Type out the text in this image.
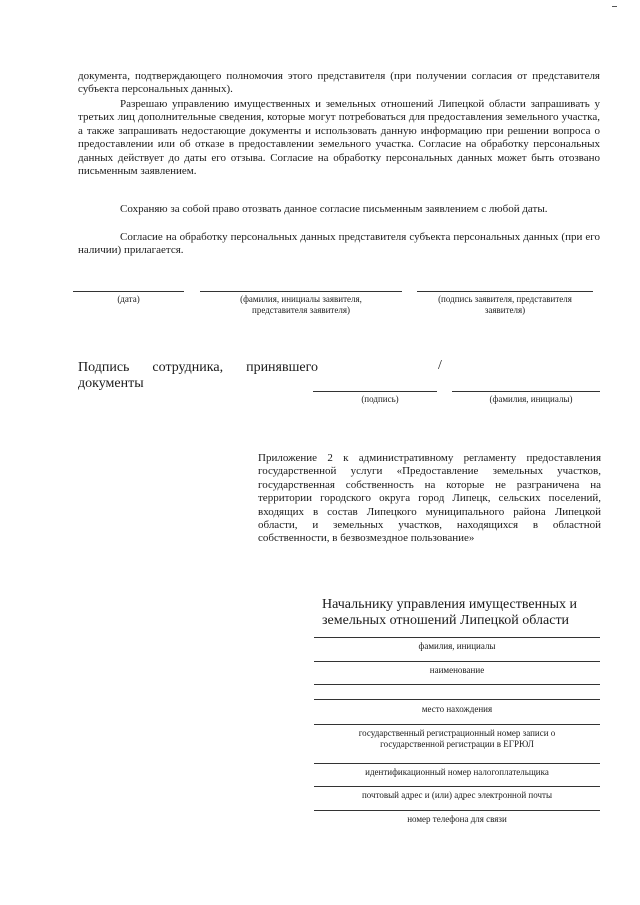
документа, подтверждающего полномочия этого представителя (при получении согласия от представителя субъекта персональных данных).

Разрешаю управлению имущественных и земельных отношений Липецкой области запрашивать у третьих лиц дополнительные сведения, которые могут потребоваться для предоставления земельного участка, а также запрашивать недостающие документы и использовать данную информацию при решении вопроса о предоставлении или об отказе в предоставлении земельного участка. Согласие на обработку персональных данных действует до даты его отзыва. Согласие на обработку персональных данных может быть отозвано письменным заявлением.

Сохраняю за собой право отозвать данное согласие письменным заявлением с любой даты.

Согласие на обработку персональных данных представителя субъекта персональных данных (при его наличии) прилагается.

(дата)	(фамилия, инициалы заявителя, представителя заявителя)
(подпись заявителя, представителя заявителя)
Подпись сотрудника, принявшего документы
/
(подпись)	(фамилия, инициалы)

Приложение 2 к административному регламенту предоставления государственной услуги «Предоставление земельных участков, государственная собственность на которые не разграничена на территории городского округа город Липецк, сельских поселений, входящих в состав Липецкого муниципального района Липецкой области, и земельных участков, находящихся в областной собственности, в безвозмездное пользование»

Начальнику управления имущественных и земельных отношений Липецкой области
фамилия, инициалы
наименование
место нахождения
государственный регистрационный номер записи о государственной регистрации в ЕГРЮЛ
идентификационный номер налогоплательщика
почтовый адрес и (или) адрес электронной почты
номер телефона для связи
